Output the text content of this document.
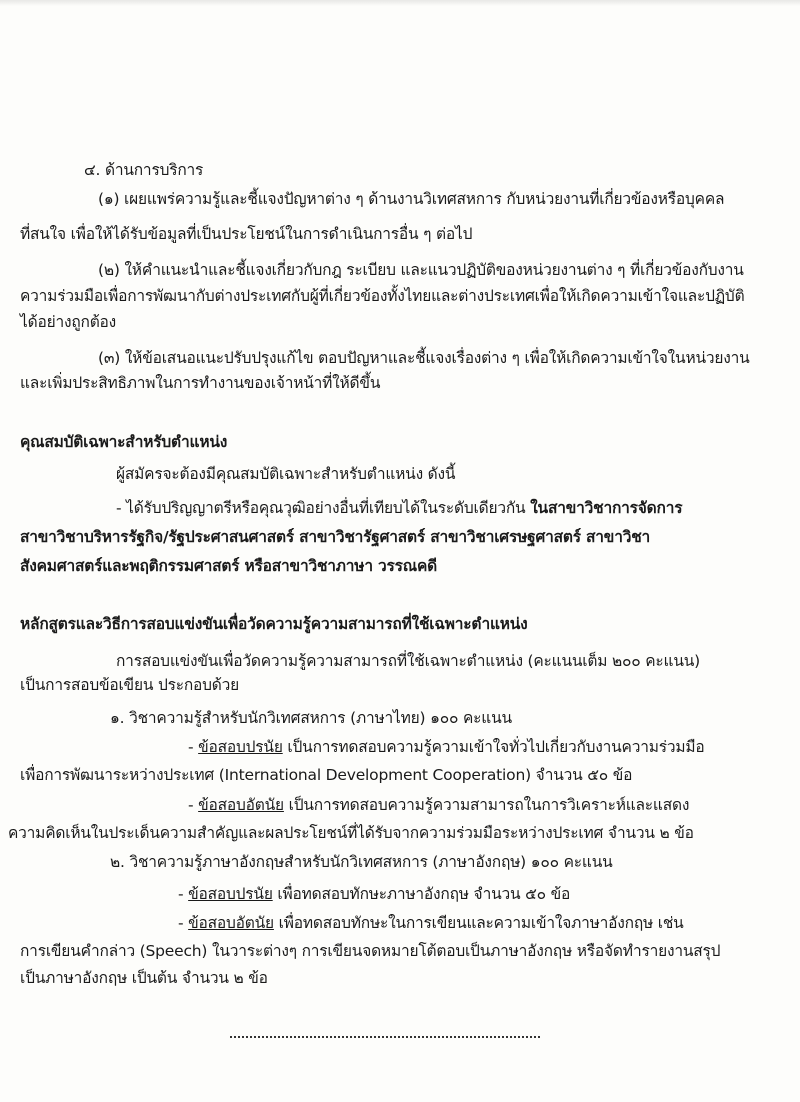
๔. ด้านการบริการ

(๑) เผยแพร่ความรู้และชี้แจงปัญหาต่าง ๆ ด้านงานวิเทศสหการ กับหน่วยงานที่เกี่ยวข้องหรือบุคคล

ที่สนใจ เพื่อให้ได้รับข้อมูลที่เป็นประโยชน์ในการดำเนินการอื่น ๆ ต่อไป

(๒) ให้คำแนะนำและชี้แจงเกี่ยวกับกฎ ระเบียบ และแนวปฏิบัติของหน่วยงานต่าง ๆ ที่เกี่ยวข้องกับงาน

ความร่วมมือเพื่อการพัฒนากับต่างประเทศกับผู้ที่เกี่ยวข้องทั้งไทยและต่างประเทศเพื่อให้เกิดความเข้าใจและปฏิบัติ

ได้อย่างถูกต้อง

(๓) ให้ข้อเสนอแนะปรับปรุงแก้ไข ตอบปัญหาและชี้แจงเรื่องต่าง ๆ เพื่อให้เกิดความเข้าใจในหน่วยงาน

และเพิ่มประสิทธิภาพในการทำงานของเจ้าหน้าที่ให้ดีขึ้น

คุณสมบัติเฉพาะสำหรับตำแหน่ง

ผู้สมัครจะต้องมีคุณสมบัติเฉพาะสำหรับตำแหน่ง ดังนี้

- ได้รับปริญญาตรีหรือคุณวุฒิอย่างอื่นที่เทียบได้ในระดับเดียวกัน ในสาขาวิชาการจัดการ

สาขาวิชาบริหารรัฐกิจ/รัฐประศาสนศาสตร์ สาขาวิชารัฐศาสตร์ สาขาวิชาเศรษฐศาสตร์ สาขาวิชา

สังคมศาสตร์และพฤติกรรมศาสตร์ หรือสาขาวิชาภาษา วรรณคดี

หลักสูตรและวิธีการสอบแข่งขันเพื่อวัดความรู้ความสามารถที่ใช้เฉพาะตำแหน่ง

การสอบแข่งขันเพื่อวัดความรู้ความสามารถที่ใช้เฉพาะตำแหน่ง (คะแนนเต็ม ๒๐๐ คะแนน)

เป็นการสอบข้อเขียน ประกอบด้วย

๑. วิชาความรู้สำหรับนักวิเทศสหการ (ภาษาไทย) ๑๐๐ คะแนน

- ข้อสอบปรนัย เป็นการทดสอบความรู้ความเข้าใจทั่วไปเกี่ยวกับงานความร่วมมือ

เพื่อการพัฒนาระหว่างประเทศ (International Development Cooperation) จำนวน ๕๐ ข้อ

- ข้อสอบอัตนัย เป็นการทดสอบความรู้ความสามารถในการวิเคราะห์และแสดง

ความคิดเห็นในประเด็นความสำคัญและผลประโยชน์ที่ได้รับจากความร่วมมือระหว่างประเทศ จำนวน ๒ ข้อ

๒. วิชาความรู้ภาษาอังกฤษสำหรับนักวิเทศสหการ (ภาษาอังกฤษ) ๑๐๐ คะแนน

- ข้อสอบปรนัย เพื่อทดสอบทักษะภาษาอังกฤษ จำนวน ๕๐ ข้อ

- ข้อสอบอัตนัย เพื่อทดสอบทักษะในการเขียนและความเข้าใจภาษาอังกฤษ เช่น

การเขียนคำกล่าว (Speech) ในวาระต่างๆ การเขียนจดหมายโต้ตอบเป็นภาษาอังกฤษ หรือจัดทำรายงานสรุป

เป็นภาษาอังกฤษ เป็นต้น จำนวน ๒ ข้อ
